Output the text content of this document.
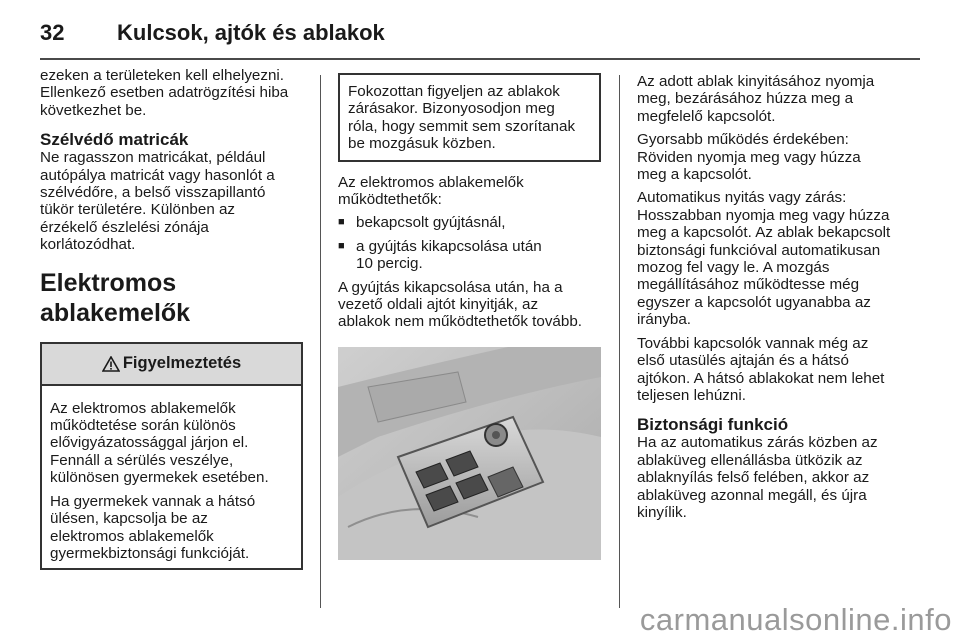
32 Kulcsok, ajtók és ablakok

ezeken a területeken kell elhelyezni.
Ellenkező esetben adatrögzítési hiba
következhet be.

Szélvédő matricák

Ne ragasszon matricákat, például
autópálya matricát vagy hasonlót a
szélvédőre, a belső visszapillantó
tükör területére. Különben az
érzékelő észlelési zónája
korlátozódhat.

Elektromos ablakemelők
Figyelmeztetés

Az elektromos ablakemelők
működtetése során különös
elővigyázatossággal járjon el.
Fennáll a sérülés veszélye,
különösen gyermekek esetében.

Ha gyermekek vannak a hátsó
ülésen, kapcsolja be az
elektromos ablakemelők
gyermekbiztonsági funkcióját.

Fokozottan figyeljen az ablakok
zárásakor. Bizonyosodjon meg
róla, hogy semmit sem szorítanak
be mozgásuk közben.

Az elektromos ablakemelők
működtethetők:

■ bekapcsolt gyújtásnál,
■ a gyújtás kikapcsolása után
10 percig.

A gyújtás kikapcsolása után, ha a
vezető oldali ajtót kinyitják, az
ablakok nem működtethetők tovább.

Az adott ablak kinyitásához nyomja
meg, bezárásához húzza meg a
megfelelő kapcsolót.

Gyorsabb működés érdekében:
Röviden nyomja meg vagy húzza
meg a kapcsolót.

Automatikus nyitás vagy zárás:
Hosszabban nyomja meg vagy húzza
meg a kapcsolót. Az ablak bekapcsolt
biztonsági funkcióval automatikusan
mozog fel vagy le. A mozgás
megállításához működtesse még
egyszer a kapcsolót ugyanabba az
irányba.

További kapcsolók vannak még az
első utasülés ajtaján és a hátsó
ajtókon. A hátsó ablakokat nem lehet
teljesen lehúzni.

Biztonsági funkció

Ha az automatikus zárás közben az
ablaküveg ellenállásba ütközik az
ablaknyílás felső felében, akkor az
ablaküveg azonnal megáll, és újra
kinyílik.

carmanualsonline.info
